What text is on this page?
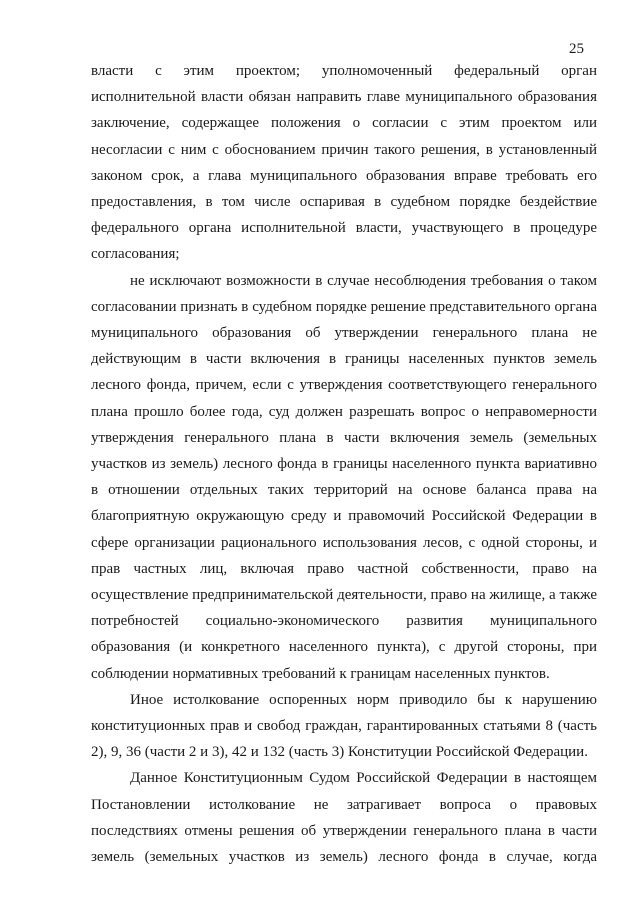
25

власти с этим проектом; уполномоченный федеральный орган исполнительной власти обязан направить главе муниципального образования заключение, содержащее положения о согласии с этим проектом или несогласии с ним с обоснованием причин такого решения, в установленный законом срок, а глава муниципального образования вправе требовать его предоставления, в том числе оспаривая в судебном порядке бездействие федерального органа исполнительной власти, участвующего в процедуре согласования;

не исключают возможности в случае несоблюдения требования о таком согласовании признать в судебном порядке решение представительного органа муниципального образования об утверждении генерального плана не действующим в части включения в границы населенных пунктов земель лесного фонда, причем, если с утверждения соответствующего генерального плана прошло более года, суд должен разрешать вопрос о неправомерности утверждения генерального плана в части включения земель (земельных участков из земель) лесного фонда в границы населенного пункта вариативно в отношении отдельных таких территорий на основе баланса права на благоприятную окружающую среду и правомочий Российской Федерации в сфере организации рационального использования лесов, с одной стороны, и прав частных лиц, включая право частной собственности, право на осуществление предпринимательской деятельности, право на жилище, а также потребностей социально-экономического развития муниципального образования (и конкретного населенного пункта), с другой стороны, при соблюдении нормативных требований к границам населенных пунктов.

Иное истолкование оспоренных норм приводило бы к нарушению конституционных прав и свобод граждан, гарантированных статьями 8 (часть 2), 9, 36 (части 2 и 3), 42 и 132 (часть 3) Конституции Российской Федерации.

Данное Конституционным Судом Российской Федерации в настоящем Постановлении истолкование не затрагивает вопроса о правовых последствиях отмены решения об утверждении генерального плана в части земель (земельных участков из земель) лесного фонда в случае, когда
